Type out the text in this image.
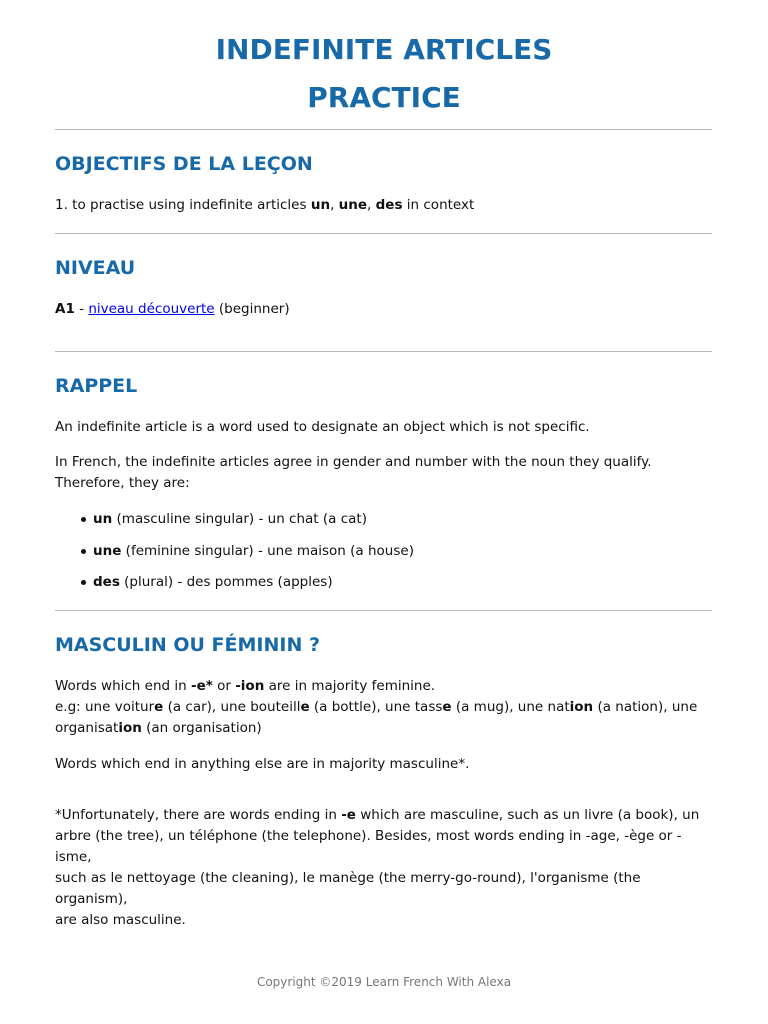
INDEFINITE ARTICLES
PRACTICE
OBJECTIFS DE LA LEÇON

1. to practise using indefinite articles un, une, des in context

NIVEAU

A1 - niveau découverte (beginner)

RAPPEL

An indefinite article is a word used to designate an object which is not specific.

In French, the indefinite articles agree in gender and number with the noun they qualify.
Therefore, they are:

un (masculine singular) - un chat (a cat)
une (feminine singular) - une maison (a house)
des (plural) - des pommes (apples)
MASCULIN OU FÉMININ ?

Words which end in -e* or -ion are in majority feminine.
e.g: une voiture (a car), une bouteille (a bottle), une tasse (a mug), une nation (a nation), une
organisation (an organisation)

Words which end in anything else are in majority masculine*.

*Unfortunately, there are words ending in -e which are masculine, such as un livre (a book), un
arbre (the tree), un téléphone (the telephone). Besides, most words ending in -age, -ège or -isme,
such as le nettoyage (the cleaning), le manège (the merry-go-round), l'organisme (the organism),
are also masculine.

Copyright ©2019 Learn French With Alexa
